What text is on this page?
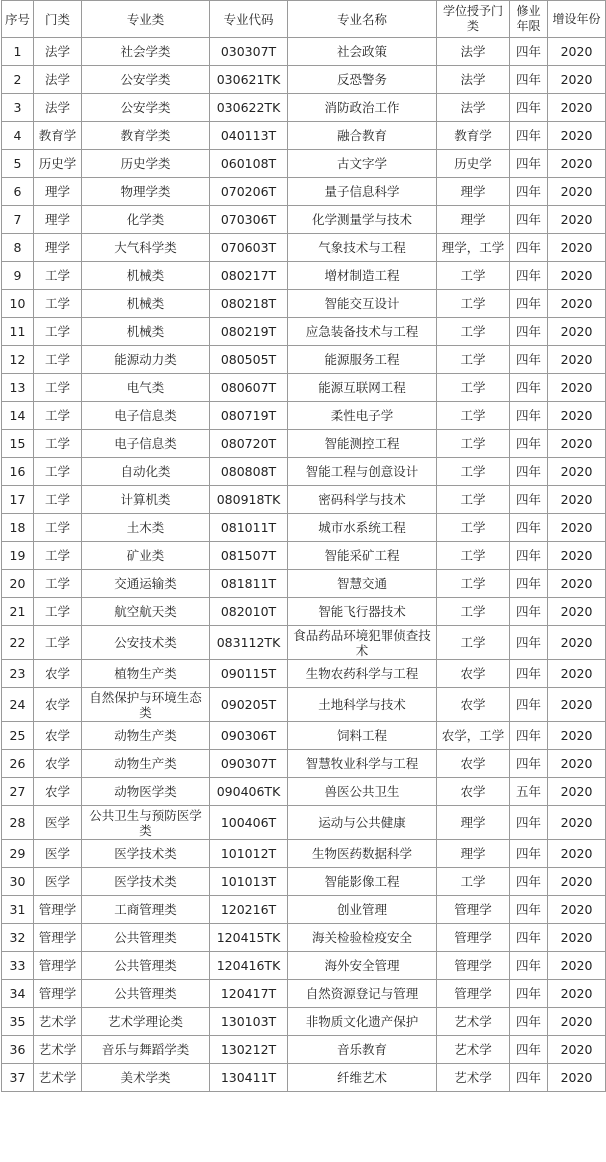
序号	门类	专业类	专业代码	专业名称	学位授予门类	修业年限	增设年份
1	法学	社会学类	030307T	社会政策	法学	四年	2020
2	法学	公安学类	030621TK	反恐警务	法学	四年	2020
3	法学	公安学类	030622TK	消防政治工作	法学	四年	2020
4	教育学	教育学类	040113T	融合教育	教育学	四年	2020
5	历史学	历史学类	060108T	古文字学	历史学	四年	2020
6	理学	物理学类	070206T	量子信息科学	理学	四年	2020
7	理学	化学类	070306T	化学测量学与技术	理学	四年	2020
8	理学	大气科学类	070603T	气象技术与工程	理学，工学	四年	2020
9	工学	机械类	080217T	增材制造工程	工学	四年	2020
10	工学	机械类	080218T	智能交互设计	工学	四年	2020
11	工学	机械类	080219T	应急装备技术与工程	工学	四年	2020
12	工学	能源动力类	080505T	能源服务工程	工学	四年	2020
13	工学	电气类	080607T	能源互联网工程	工学	四年	2020
14	工学	电子信息类	080719T	柔性电子学	工学	四年	2020
15	工学	电子信息类	080720T	智能测控工程	工学	四年	2020
16	工学	自动化类	080808T	智能工程与创意设计	工学	四年	2020
17	工学	计算机类	080918TK	密码科学与技术	工学	四年	2020
18	工学	土木类	081011T	城市水系统工程	工学	四年	2020
19	工学	矿业类	081507T	智能采矿工程	工学	四年	2020
20	工学	交通运输类	081811T	智慧交通	工学	四年	2020
21	工学	航空航天类	082010T	智能飞行器技术	工学	四年	2020
22	工学	公安技术类	083112TK	食品药品环境犯罪侦查技术	工学	四年	2020
23	农学	植物生产类	090115T	生物农药科学与工程	农学	四年	2020
24	农学	自然保护与环境生态类	090205T	土地科学与技术	农学	四年	2020
25	农学	动物生产类	090306T	饲料工程	农学，工学	四年	2020
26	农学	动物生产类	090307T	智慧牧业科学与工程	农学	四年	2020
27	农学	动物医学类	090406TK	兽医公共卫生	农学	五年	2020
28	医学	公共卫生与预防医学类	100406T	运动与公共健康	理学	四年	2020
29	医学	医学技术类	101012T	生物医药数据科学	理学	四年	2020
30	医学	医学技术类	101013T	智能影像工程	工学	四年	2020
31	管理学	工商管理类	120216T	创业管理	管理学	四年	2020
32	管理学	公共管理类	120415TK	海关检验检疫安全	管理学	四年	2020
33	管理学	公共管理类	120416TK	海外安全管理	管理学	四年	2020
34	管理学	公共管理类	120417T	自然资源登记与管理	管理学	四年	2020
35	艺术学	艺术学理论类	130103T	非物质文化遗产保护	艺术学	四年	2020
36	艺术学	音乐与舞蹈学类	130212T	音乐教育	艺术学	四年	2020
37	艺术学	美术学类	130411T	纤维艺术	艺术学	四年	2020
